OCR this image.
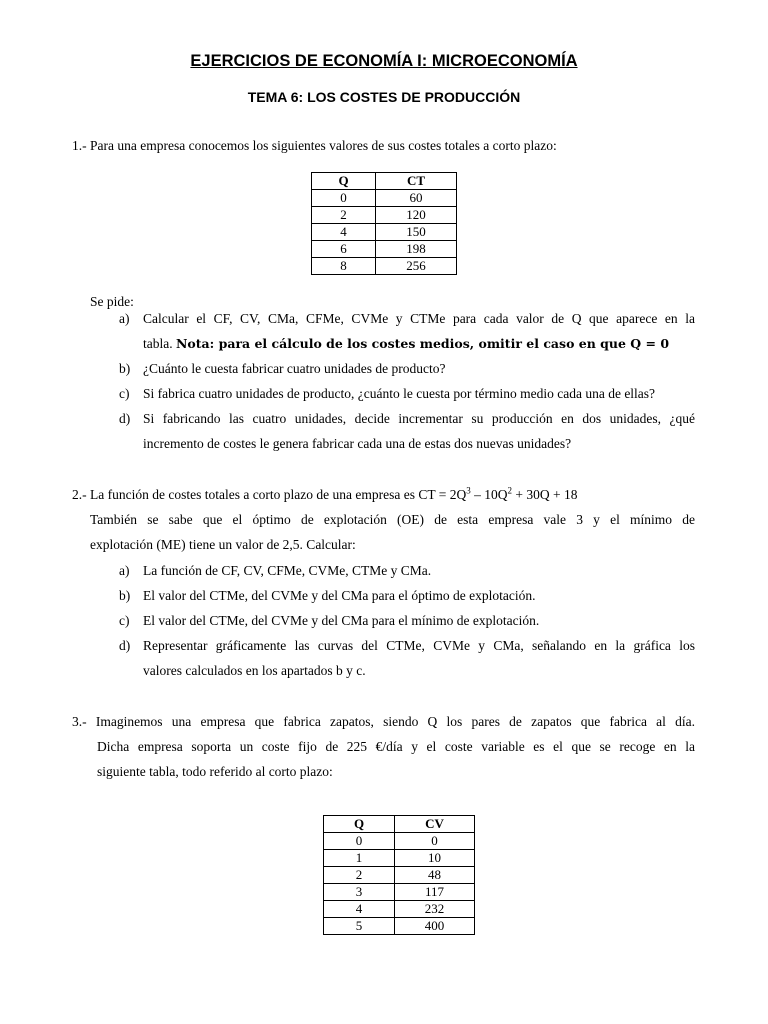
EJERCICIOS DE ECONOMÍA I: MICROECONOMÍA
TEMA 6: LOS COSTES DE PRODUCCIÓN
1.- Para una empresa conocemos los siguientes valores de sus costes totales a corto plazo:
Q	CT
0	60
2	120
4	150
6	198
8	256
Se pide:
a) Calcular el CF, CV, CMa, CFMe, CVMe y CTMe para cada valor de Q que aparece en la
tabla. Nota: para el cálculo de los costes medios, omitir el caso en que Q = 0
b) ¿Cuánto le cuesta fabricar cuatro unidades de producto?
c) Si fabrica cuatro unidades de producto, ¿cuánto le cuesta por término medio cada una de ellas?
d) Si fabricando las cuatro unidades, decide incrementar su producción en dos unidades, ¿qué
incremento de costes le genera fabricar cada una de estas dos nuevas unidades?
2.- La función de costes totales a corto plazo de una empresa es CT = $2Q^3 - 10Q^2 + 30Q + 18$
También se sabe que el óptimo de explotación (OE) de esta empresa vale 3 y el mínimo de
explotación (ME) tiene un valor de 2,5. Calcular:
a) La función de CF, CV, CFMe, CVMe, CTMe y CMa.
b) El valor del CTMe, del CVMe y del CMa para el óptimo de explotación.
c) El valor del CTMe, del CVMe y del CMa para el mínimo de explotación.
d) Representar gráficamente las curvas del CTMe, CVMe y CMa, señalando en la gráfica los
valores calculados en los apartados b y c.
3.- Imaginemos una empresa que fabrica zapatos, siendo Q los pares de zapatos que fabrica al día.
Dicha empresa soporta un coste fijo de 225 €/día y el coste variable es el que se recoge en la
siguiente tabla, todo referido al corto plazo:
Q	CV
0	0
1	10
2	48
3	117
4	232
5	400
